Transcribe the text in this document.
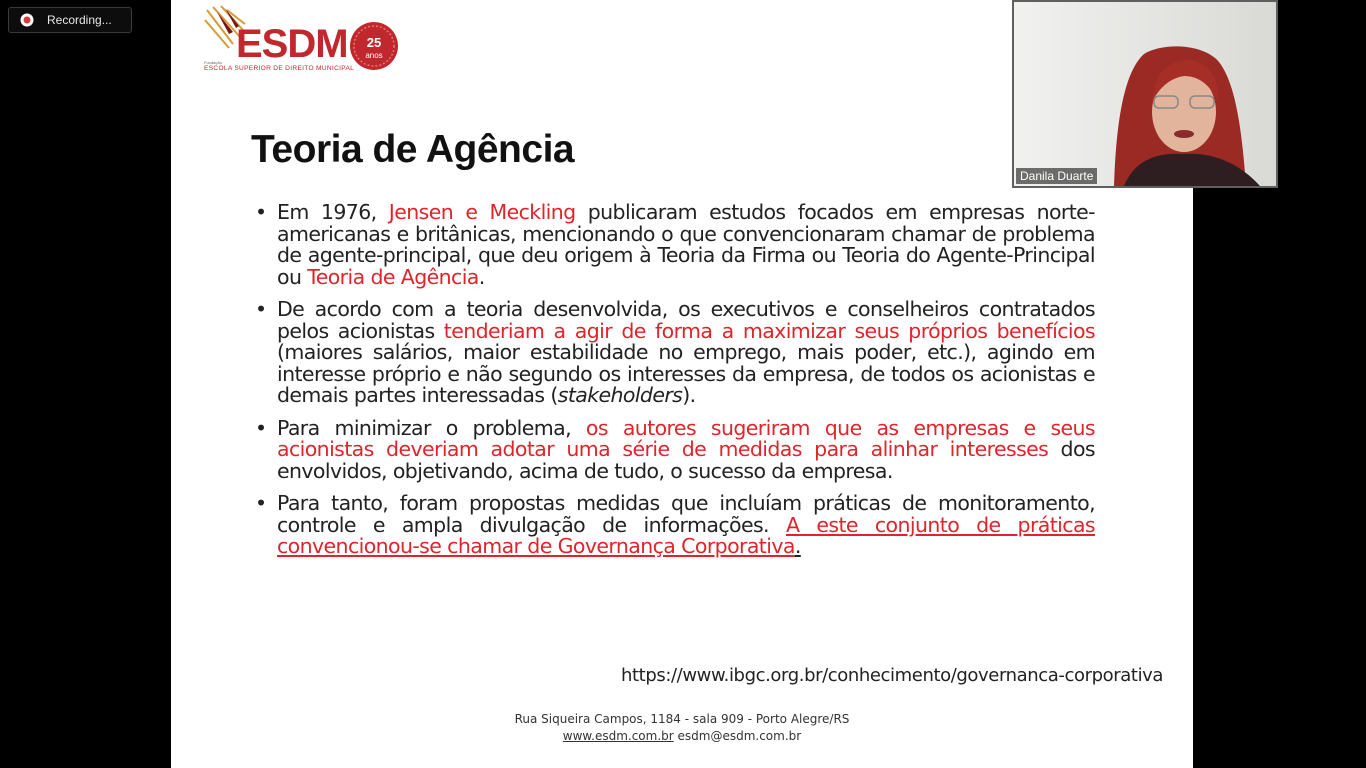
Recording...
ESDM
Fundação
ESCOLA SUPERIOR DE DIREITO MUNICIPAL
25
anos
Teoria de Agência
• Em 1976, Jensen e Meckling publicaram estudos focados em empresas norte-americanas e britânicas, mencionando o que convencionaram chamar de problema de agente-principal, que deu origem à Teoria da Firma ou Teoria do Agente-Principal ou Teoria de Agência.
• De acordo com a teoria desenvolvida, os executivos e conselheiros contratados pelos acionistas tenderiam a agir de forma a maximizar seus próprios benefícios (maiores salários, maior estabilidade no emprego, mais poder, etc.), agindo em interesse próprio e não segundo os interesses da empresa, de todos os acionistas e demais partes interessadas (stakeholders).
• Para minimizar o problema, os autores sugeriram que as empresas e seus acionistas deveriam adotar uma série de medidas para alinhar interesses dos envolvidos, objetivando, acima de tudo, o sucesso da empresa.
• Para tanto, foram propostas medidas que incluíam práticas de monitoramento, controle e ampla divulgação de informações. A este conjunto de práticas convencionou-se chamar de Governança Corporativa.
https://www.ibgc.org.br/conhecimento/governanca-corporativa
Rua Siqueira Campos, 1184 - sala 909 - Porto Alegre/RS
www.esdm.com.br esdm@esdm.com.br
Danila Duarte
